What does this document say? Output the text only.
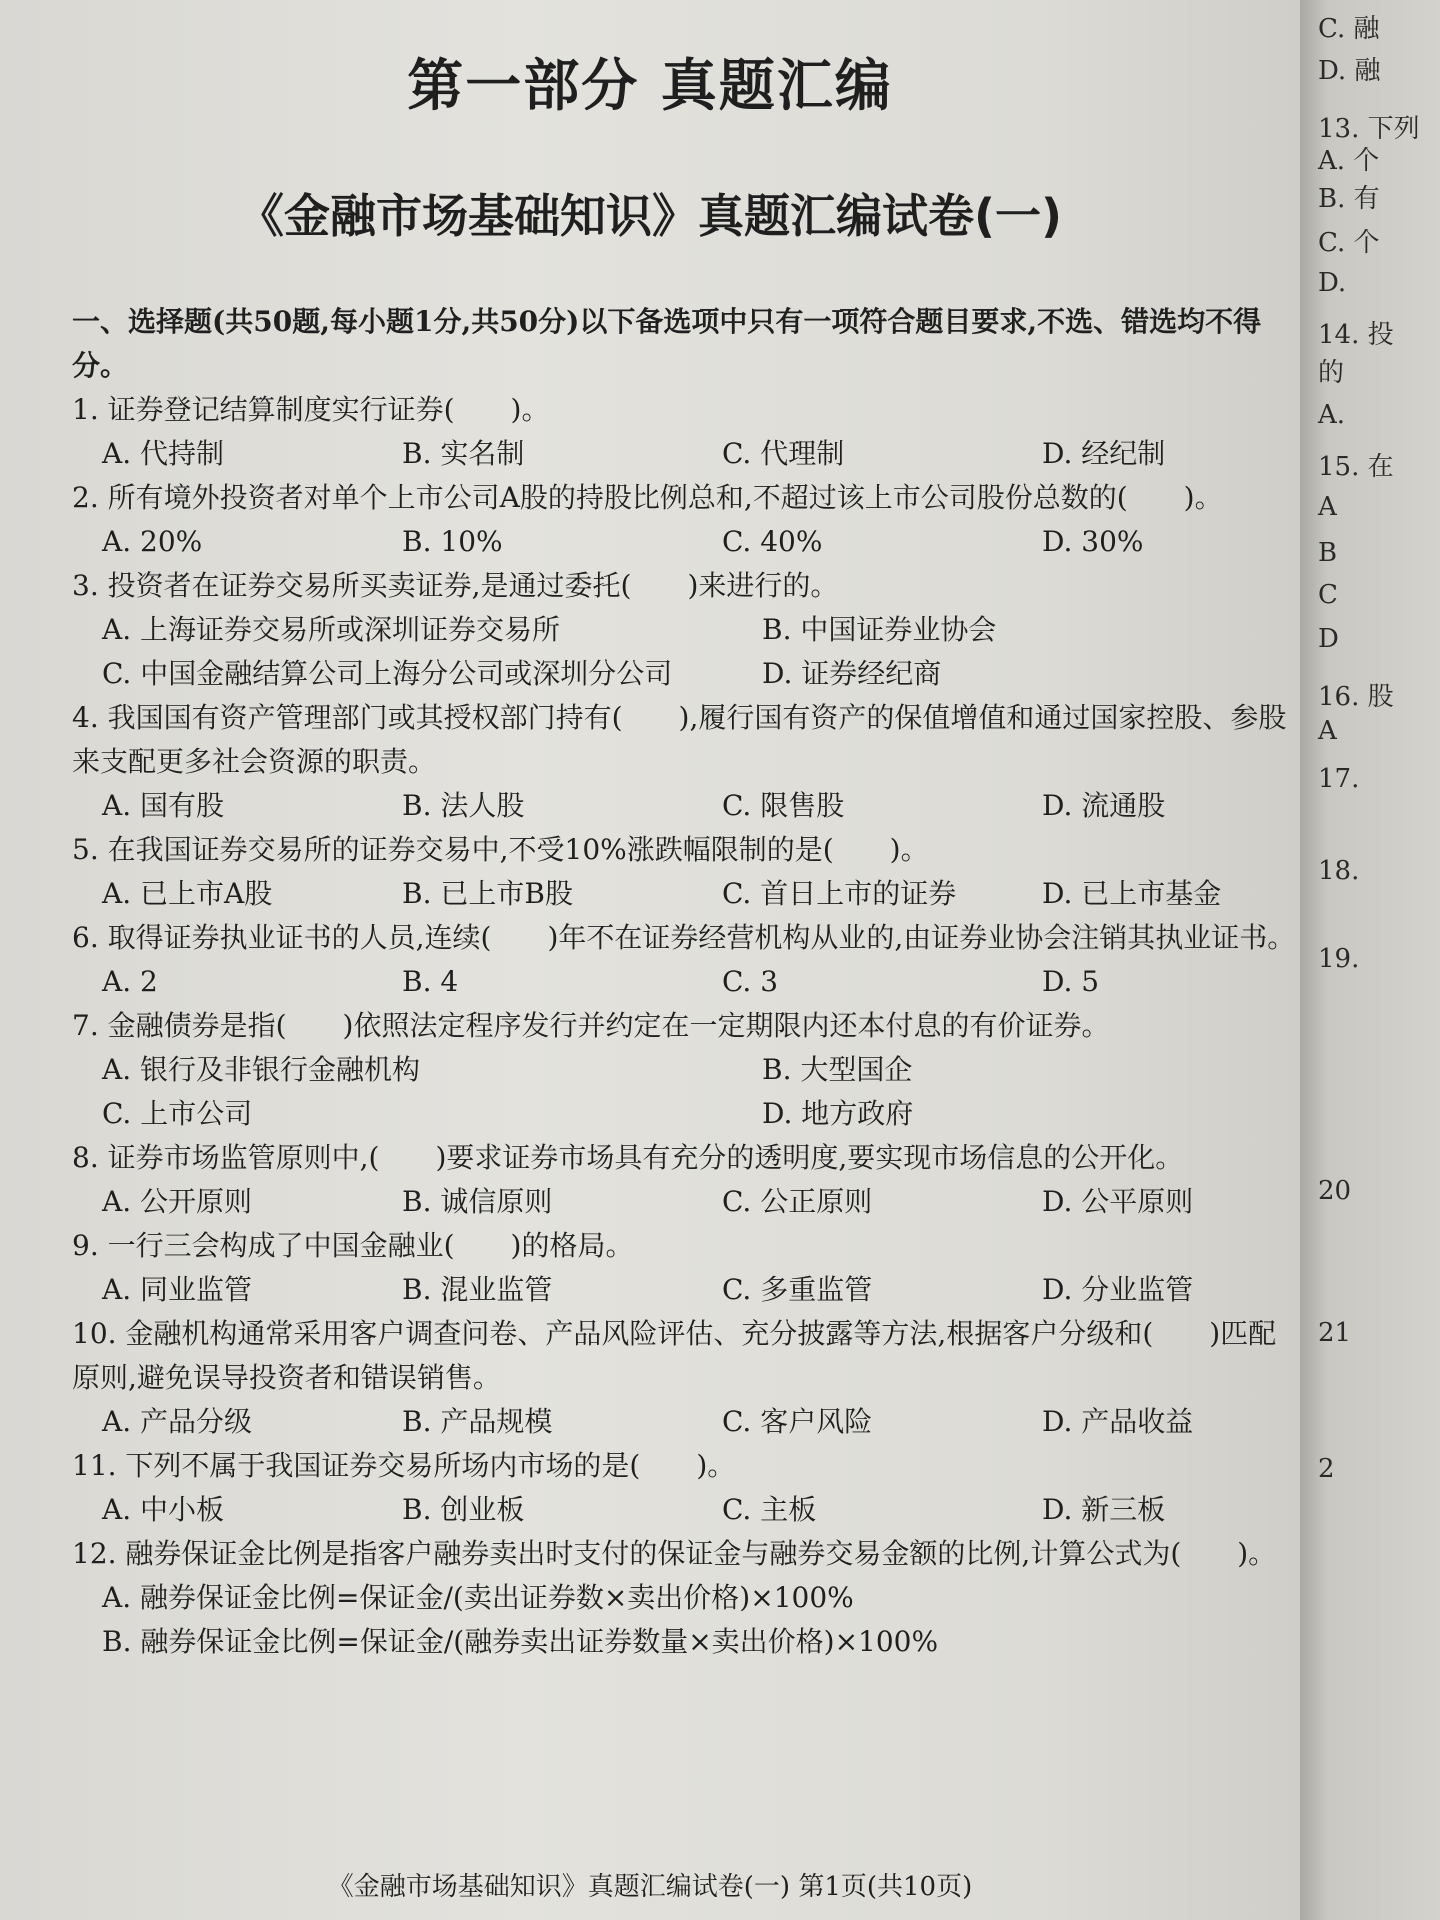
第一部分 真题汇编
《金融市场基础知识》真题汇编试卷(一)
一、选择题(共50题,每小题1分,共50分)以下备选项中只有一项符合题目要求,不选、错选均不得分。
1. 证券登记结算制度实行证券(　　)。
A. 代持制	B. 实名制	C. 代理制	D. 经纪制
2. 所有境外投资者对单个上市公司A股的持股比例总和,不超过该上市公司股份总数的(　　)。
A. 20%	B. 10%	C. 40%	D. 30%
3. 投资者在证券交易所买卖证券,是通过委托(　　)来进行的。
A. 上海证券交易所或深圳证券交易所	B. 中国证券业协会
C. 中国金融结算公司上海分公司或深圳分公司	D. 证券经纪商
4. 我国国有资产管理部门或其授权部门持有(　　),履行国有资产的保值增值和通过国家控股、参股来支配更多社会资源的职责。
A. 国有股	B. 法人股	C. 限售股	D. 流通股
5. 在我国证券交易所的证券交易中,不受10%涨跌幅限制的是(　　)。
A. 已上市A股	B. 已上市B股	C. 首日上市的证券	D. 已上市基金
6. 取得证券执业证书的人员,连续(　　)年不在证券经营机构从业的,由证券业协会注销其执业证书。
A. 2	B. 4	C. 3	D. 5
7. 金融债券是指(　　)依照法定程序发行并约定在一定期限内还本付息的有价证券。
A. 银行及非银行金融机构	B. 大型国企
C. 上市公司	D. 地方政府
8. 证券市场监管原则中,(　　)要求证券市场具有充分的透明度,要实现市场信息的公开化。
A. 公开原则	B. 诚信原则	C. 公正原则	D. 公平原则
9. 一行三会构成了中国金融业(　　)的格局。
A. 同业监管	B. 混业监管	C. 多重监管	D. 分业监管
10. 金融机构通常采用客户调查问卷、产品风险评估、充分披露等方法,根据客户分级和(　　)匹配原则,避免误导投资者和错误销售。
A. 产品分级	B. 产品规模	C. 客户风险	D. 产品收益
11. 下列不属于我国证券交易所场内市场的是(　　)。
A. 中小板	B. 创业板	C. 主板	D. 新三板
12. 融券保证金比例是指客户融券卖出时支付的保证金与融券交易金额的比例,计算公式为(　　)。
A. 融券保证金比例=保证金/(卖出证券数×卖出价格)×100%
B. 融券保证金比例=保证金/(融券卖出证券数量×卖出价格)×100%
《金融市场基础知识》真题汇编试卷(一) 第1页(共10页)
C. 融
D. 融
13. 下列
A. 个
B. 有
C. 个
D.
14. 投
的
A.
15. 在
A
B
C
D
16. 股
A
17.
18.
19.
20
21
2
